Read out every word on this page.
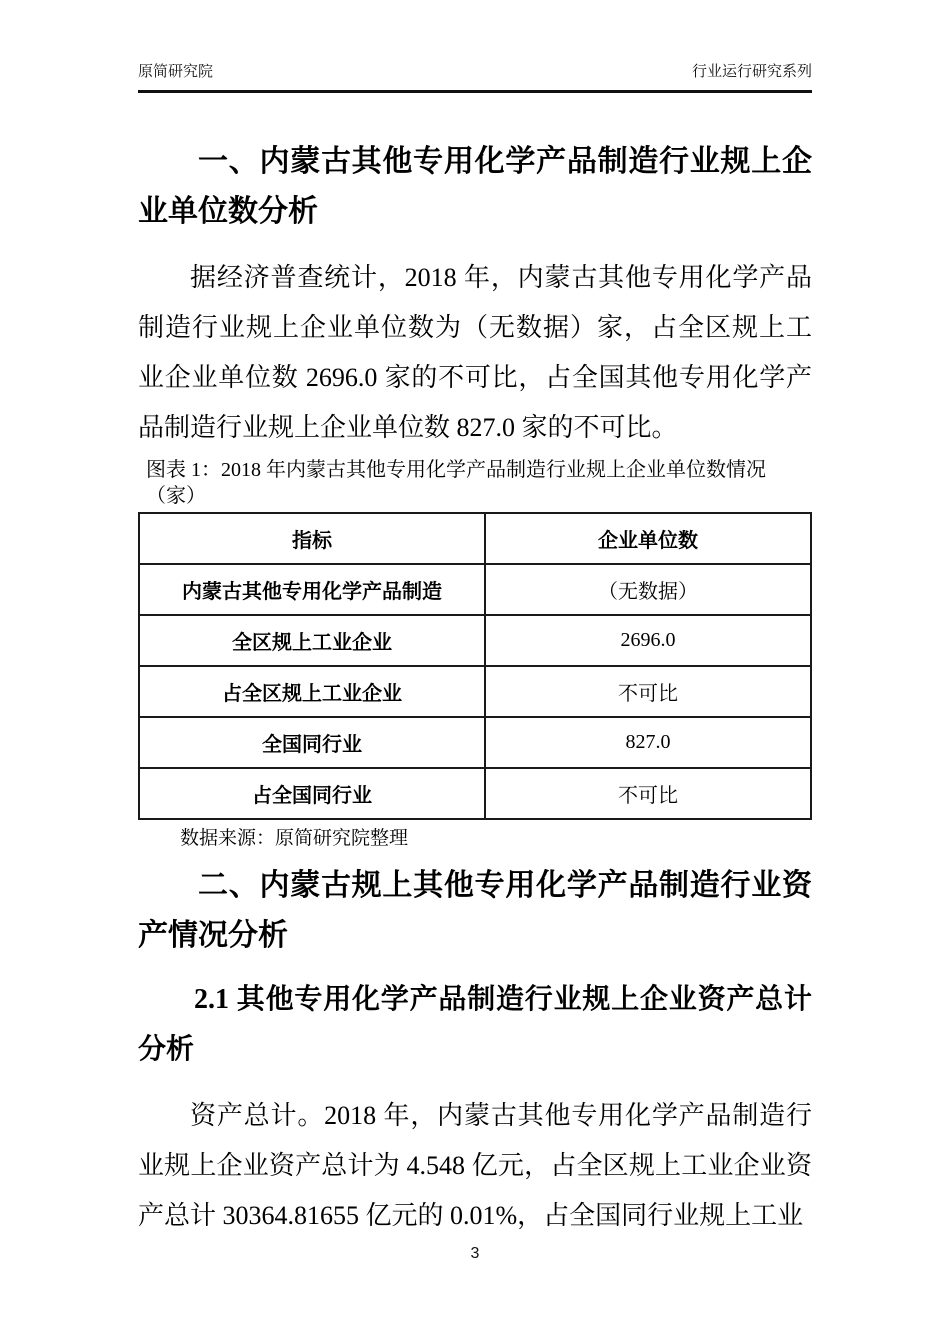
原简研究院	行业运行研究系列
一、内蒙古其他专用化学产品制造行业规上企业单位数分析

据经济普查统计，2018 年，内蒙古其他专用化学产品制造行业规上企业单位数为（无数据）家，占全区规上工业企业单位数 2696.0 家的不可比，占全国其他专用化学产品制造行业规上企业单位数 827.0 家的不可比。

图表 1：2018 年内蒙古其他专用化学产品制造行业规上企业单位数情况（家）
指标	企业单位数
内蒙古其他专用化学产品制造	（无数据）
全区规上工业企业	2696.0
占全区规上工业企业	不可比
全国同行业	827.0
占全国同行业	不可比
数据来源：原简研究院整理
二、内蒙古规上其他专用化学产品制造行业资产情况分析
2.1 其他专用化学产品制造行业规上企业资产总计分析

资产总计。2018 年，内蒙古其他专用化学产品制造行业规上企业资产总计为 4.548 亿元，占全区规上工业企业资产总计 30364.81655 亿元的 0.01%，占全国同行业规上工业

3
